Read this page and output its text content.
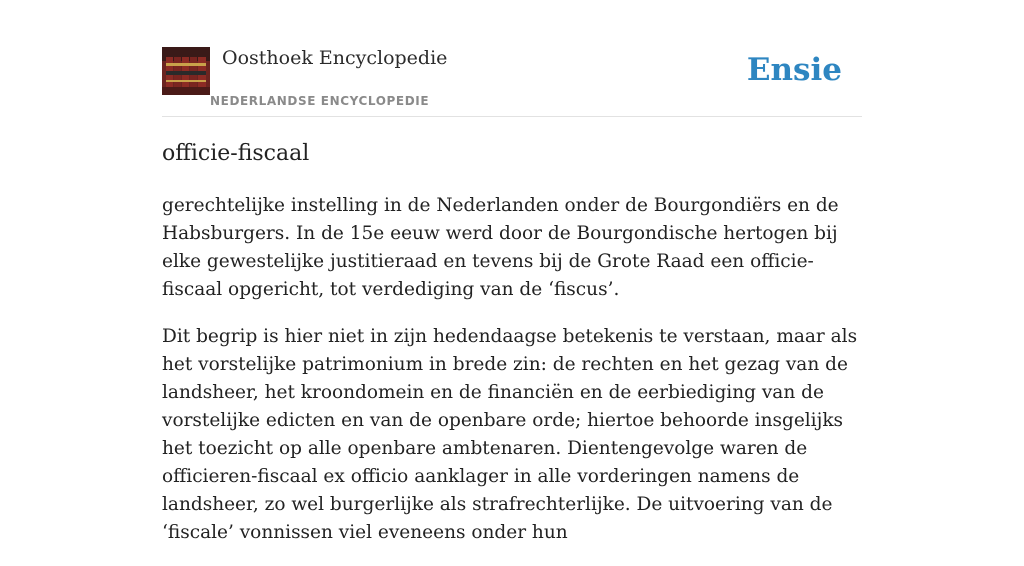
Oosthoek Encyclopedie
NEDERLANDSE ENCYCLOPEDIE
Ensie
officie-fiscaal

gerechtelijke instelling in de Nederlanden onder de Bourgondiërs en de Habsburgers. In de 15e eeuw werd door de Bourgondische hertogen bij elke gewestelijke justitieraad en tevens bij de Grote Raad een officie-fiscaal opgericht, tot verdediging van de ‘fiscus’.

Dit begrip is hier niet in zijn hedendaagse betekenis te verstaan, maar als het vorstelijke patrimonium in brede zin: de rechten en het gezag van de landsheer, het kroondomein en de financiën en de eerbiediging van de vorstelijke edicten en van de openbare orde; hiertoe behoorde insgelijks het toezicht op alle openbare ambtenaren. Dientengevolge waren de officieren-fiscaal ex officio aanklager in alle vorderingen namens de landsheer, zo wel burgerlijke als strafrechterlijke. De uitvoering van de ‘fiscale’ vonnissen viel eveneens onder hun
